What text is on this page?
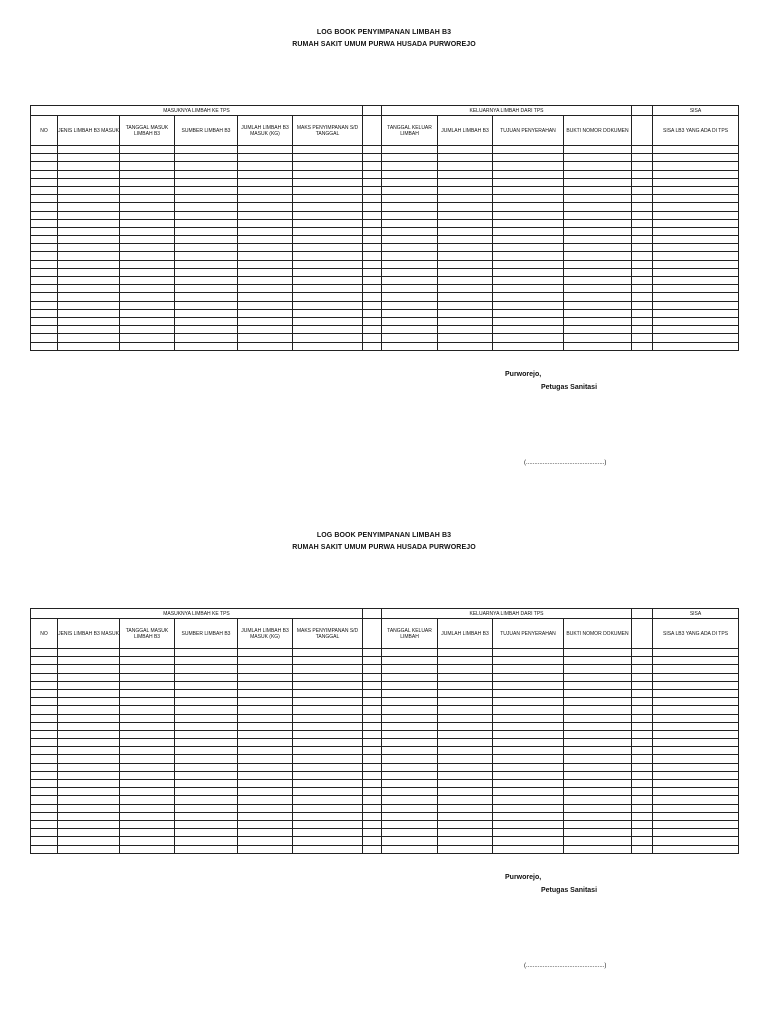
LOG BOOK PENYIMPANAN LIMBAH B3
RUMAH SAKIT UMUM PURWA HUSADA PURWOREJO
MASUKNYA LIMBAH KE TPS							KELUARNYA LIMBAH DARI TPS					SISA
NO	JENIS LIMBAH B3 MASUK	TANGGAL MASUK LIMBAH B3	SUMBER LIMBAH B3	JUMLAH LIMBAH B3 MASUK (KG)	MAKS PENYIMPANAN S/D TANGGAL		TANGGAL KELUAR LIMBAH	JUMLAH LIMBAH B3	TUJUAN PENYERAHAN	BUKTI NOMOR DOKUMEN		SISA LB3 YANG ADA DI TPS

Purworejo,
Petugas Sanitasi
(...............................................)
LOG BOOK PENYIMPANAN LIMBAH B3
RUMAH SAKIT UMUM PURWA HUSADA PURWOREJO
MASUKNYA LIMBAH KE TPS							KELUARNYA LIMBAH DARI TPS					SISA
NO	JENIS LIMBAH B3 MASUK	TANGGAL MASUK LIMBAH B3	SUMBER LIMBAH B3	JUMLAH LIMBAH B3 MASUK (KG)	MAKS PENYIMPANAN S/D TANGGAL		TANGGAL KELUAR LIMBAH	JUMLAH LIMBAH B3	TUJUAN PENYERAHAN	BUKTI NOMOR DOKUMEN		SISA LB3 YANG ADA DI TPS

Purworejo,
Petugas Sanitasi
(...............................................)
